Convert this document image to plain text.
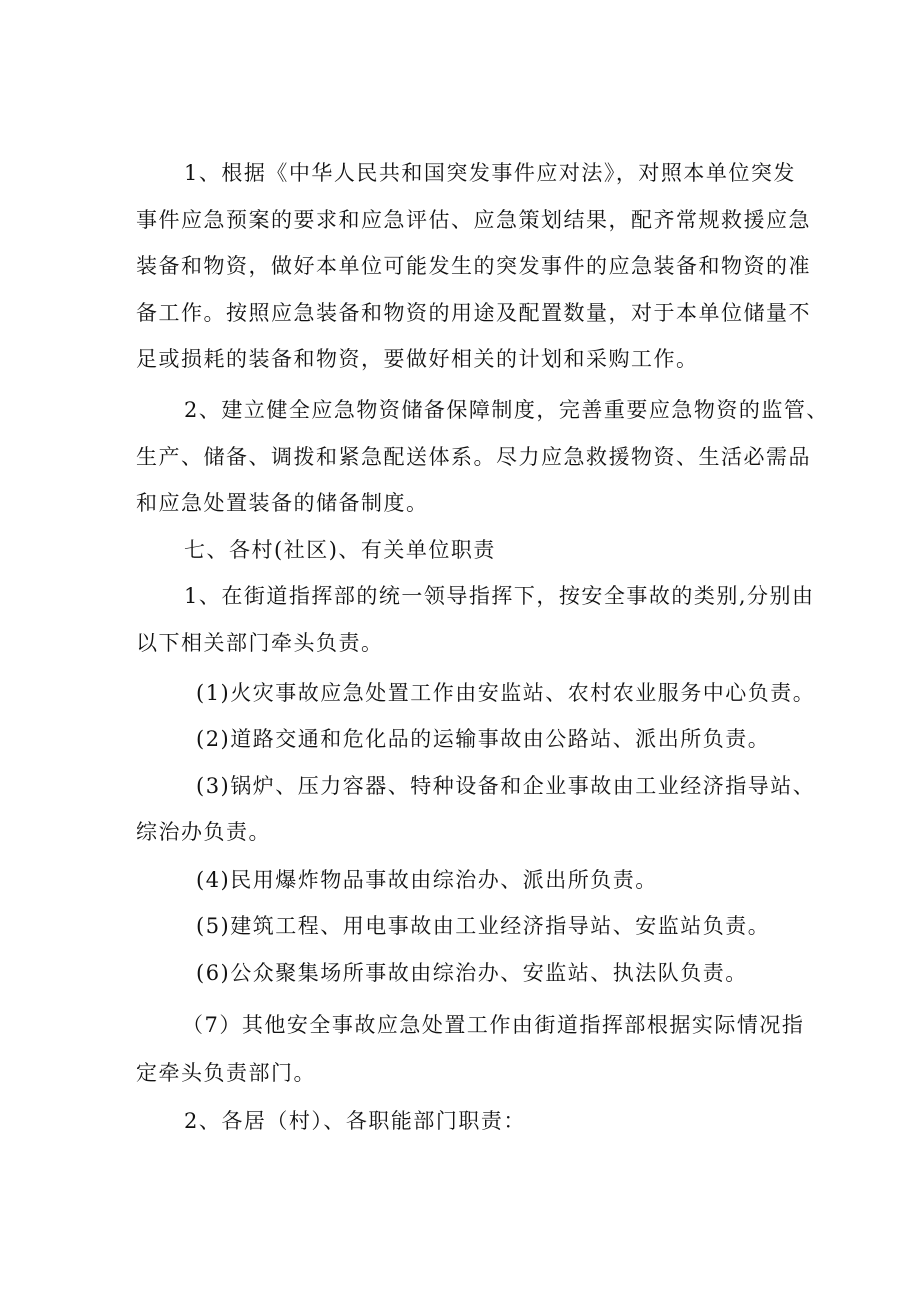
1、根据《中华人民共和国突发事件应对法》，对照本单位突发
事件应急预案的要求和应急评估、应急策划结果，配齐常规救援应急
装备和物资，做好本单位可能发生的突发事件的应急装备和物资的准
备工作。按照应急装备和物资的用途及配置数量，对于本单位储量不
足或损耗的装备和物资，要做好相关的计划和采购工作。
2、建立健全应急物资储备保障制度，完善重要应急物资的监管、
生产、储备、调拨和紧急配送体系。尽力应急救援物资、生活必需品
和应急处置装备的储备制度。
七、各村(社区)、有关单位职责
1、在街道指挥部的统一领导指挥下，按安全事故的类别,分别由
以下相关部门牵头负责。
(1)火灾事故应急处置工作由安监站、农村农业服务中心负责。
(2)道路交通和危化品的运输事故由公路站、派出所负责。
(3)锅炉、压力容器、特种设备和企业事故由工业经济指导站、
综治办负责。
(4)民用爆炸物品事故由综治办、派出所负责。
(5)建筑工程、用电事故由工业经济指导站、安监站负责。
(6)公众聚集场所事故由综治办、安监站、执法队负责。
（7）其他安全事故应急处置工作由街道指挥部根据实际情况指
定牵头负责部门。
2、各居（村）、各职能部门职责：
